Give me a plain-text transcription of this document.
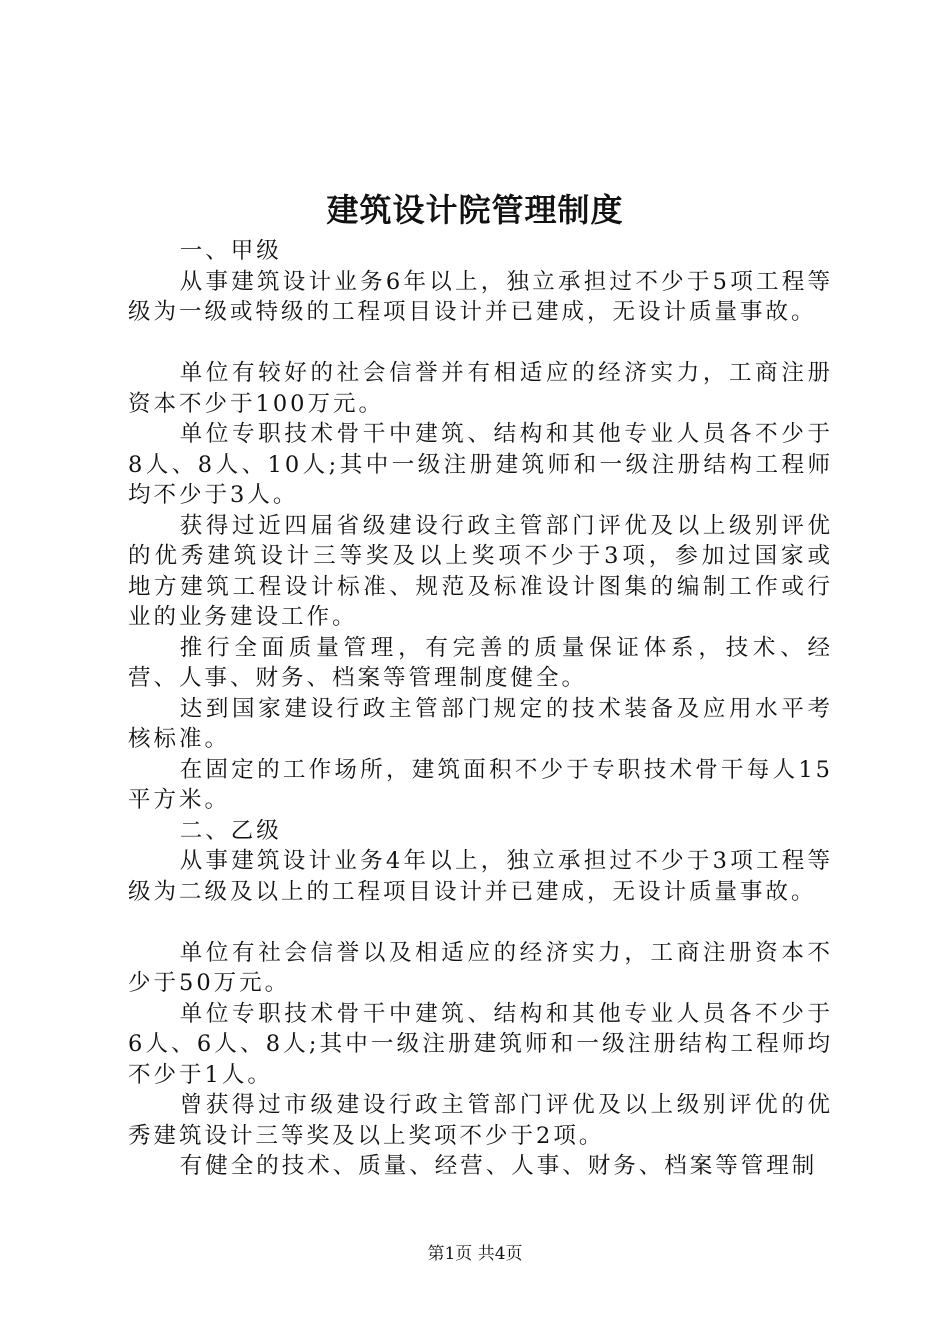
建筑设计院管理制度

一、甲级

从事建筑设计业务6年以上，独立承担过不少于5项工程等级为一级或特级的工程项目设计并已建成，无设计质量事故。

单位有较好的社会信誉并有相适应的经济实力，工商注册资本不少于100万元。

单位专职技术骨干中建筑、结构和其他专业人员各不少于8人、8人、10人;其中一级注册建筑师和一级注册结构工程师均不少于3人。

获得过近四届省级建设行政主管部门评优及以上级别评优的优秀建筑设计三等奖及以上奖项不少于3项，参加过国家或地方建筑工程设计标准、规范及标准设计图集的编制工作或行业的业务建设工作。

推行全面质量管理，有完善的质量保证体系，技术、经营、人事、财务、档案等管理制度健全。

达到国家建设行政主管部门规定的技术装备及应用水平考核标准。

在固定的工作场所，建筑面积不少于专职技术骨干每人15平方米。

二、乙级

从事建筑设计业务4年以上，独立承担过不少于3项工程等级为二级及以上的工程项目设计并已建成，无设计质量事故。

单位有社会信誉以及相适应的经济实力，工商注册资本不少于50万元。

单位专职技术骨干中建筑、结构和其他专业人员各不少于6人、6人、8人;其中一级注册建筑师和一级注册结构工程师均不少于1人。

曾获得过市级建设行政主管部门评优及以上级别评优的优秀建筑设计三等奖及以上奖项不少于2项。

有健全的技术、质量、经营、人事、财务、档案等管理制

第1页 共4页
